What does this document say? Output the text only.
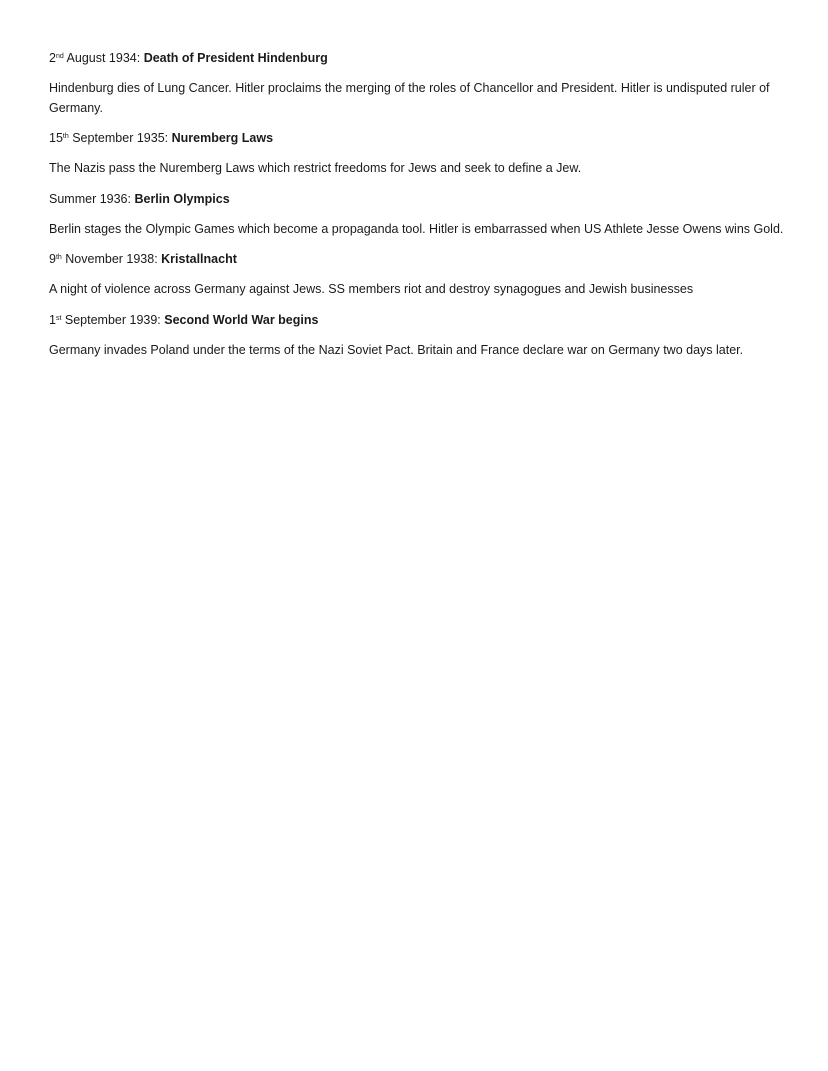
2nd August 1934: Death of President Hindenburg

Hindenburg dies of Lung Cancer. Hitler proclaims the merging of the roles of Chancellor and President. Hitler is undisputed ruler of Germany.

15th September 1935: Nuremberg Laws

The Nazis pass the Nuremberg Laws which restrict freedoms for Jews and seek to define a Jew.

Summer 1936: Berlin Olympics

Berlin stages the Olympic Games which become a propaganda tool. Hitler is embarrassed when US Athlete Jesse Owens wins Gold.

9th November 1938: Kristallnacht

A night of violence across Germany against Jews. SS members riot and destroy synagogues and Jewish businesses

1st September 1939: Second World War begins

Germany invades Poland under the terms of the Nazi Soviet Pact. Britain and France declare war on Germany two days later.
